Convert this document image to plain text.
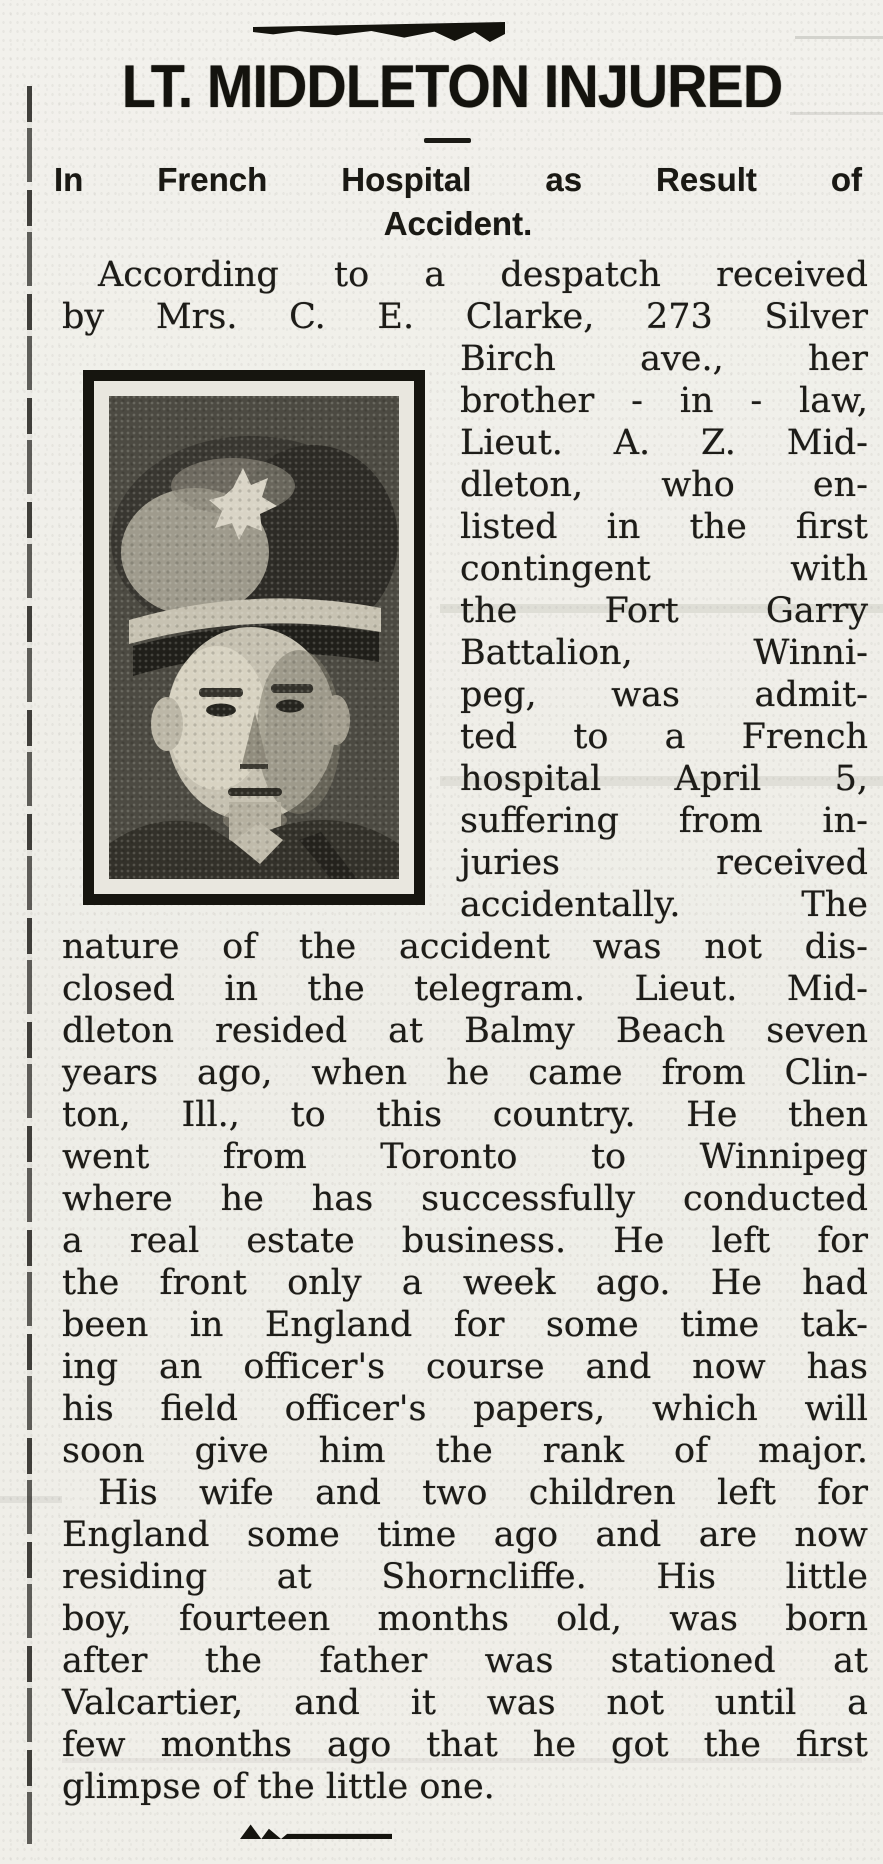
LT. MIDDLETON INJURED
In French Hospital as Result of
Accident.
According to a despatch received
by Mrs. C. E. Clarke, 273 Silver
Birch ave., her
brother - in - law,
Lieut. A. Z. Mid-
dleton, who en-
listed in the first
contingent with
the Fort Garry
Battalion, Winni-
peg, was admit-
ted to a French
hospital April 5,
suffering from in-
juries received
accidentally. The
nature of the accident was not dis-
closed in the telegram. Lieut. Mid-
dleton resided at Balmy Beach seven
years ago, when he came from Clin-
ton, Ill., to this country. He then
went from Toronto to Winnipeg
where he has successfully conducted
a real estate business. He left for
the front only a week ago. He had
been in England for some time tak-
ing an officer's course and now has
his field officer's papers, which will
soon give him the rank of major.
His wife and two children left for
England some time ago and are now
residing at Shorncliffe. His little
boy, fourteen months old, was born
after the father was stationed at
Valcartier, and it was not until a
few months ago that he got the first
glimpse of the little one.
